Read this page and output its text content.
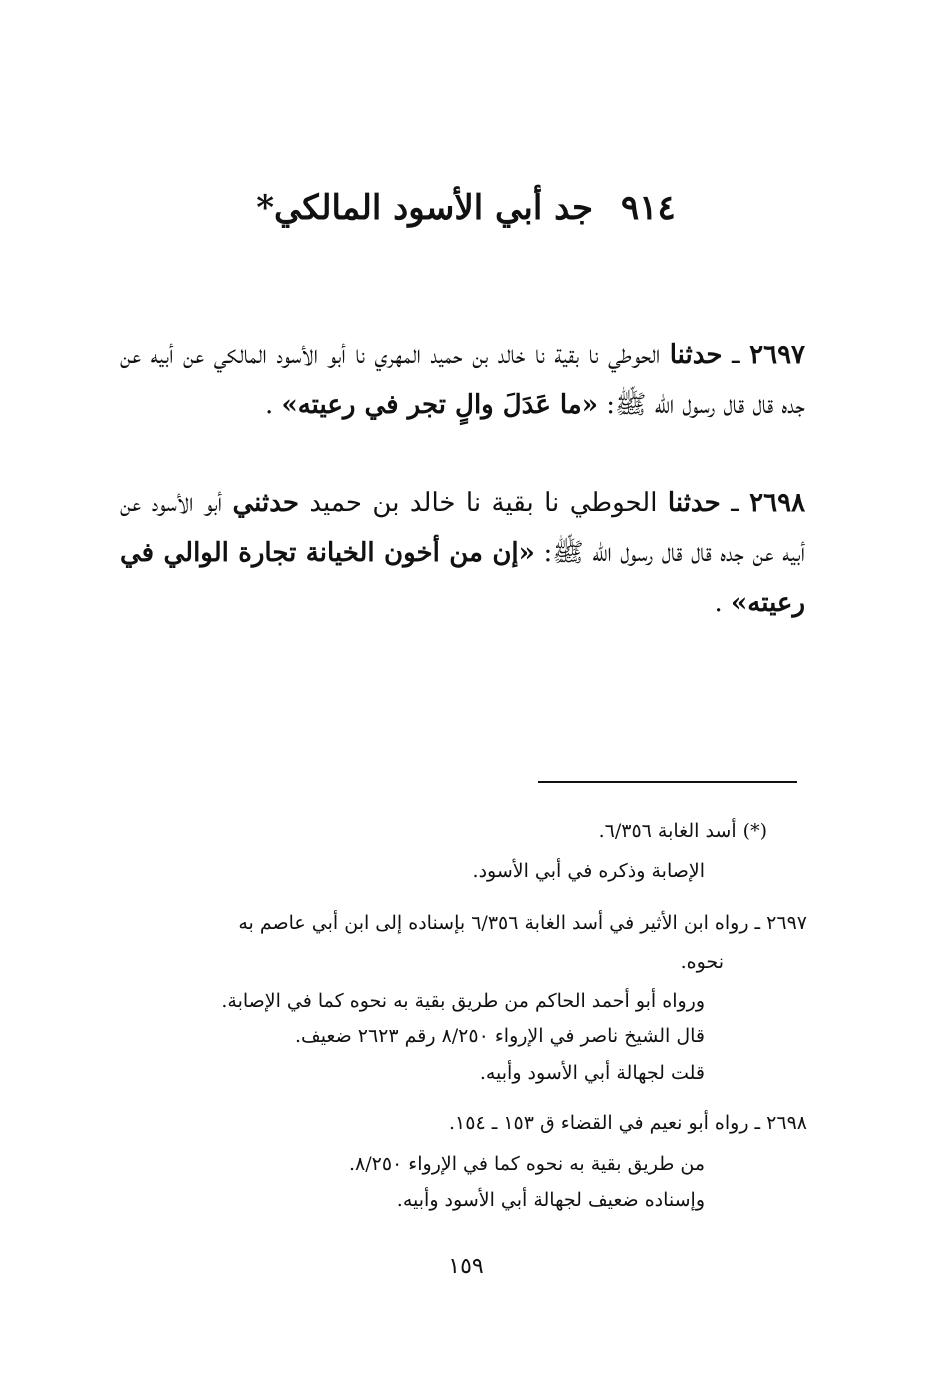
٩١٤جد أبي الأسود المالكي*
٢٦٩٧ ـ حدثنا الحوطي نا بقية نا خالد بن حميد المهري نا أبو الأسود المالكي عن أبيه عن جده قال قال رسول الله ﷺ: «ما عَدَلَ والٍ تجر في رعيته» .
٢٦٩٨ ـ حدثنا الحوطي نا بقية نا خالد بن حميد حدثني أبو الأسود عن أبيه عن جده قال قال رسول الله ﷺ: «إن من أخون الخيانة تجارة الوالي في رعيته» .
(*) أسد الغابة ٦/٣٥٦.
الإصابة وذكره في أبي الأسود.
٢٦٩٧ ـ رواه ابن الأثير في أسد الغابة ٦/٣٥٦ بإسناده إلى ابن أبي عاصم به
نحوه.
ورواه أبو أحمد الحاكم من طريق بقية به نحوه كما في الإصابة.
قال الشيخ ناصر في الإرواء ٨/٢٥٠ رقم ٢٦٢٣ ضعيف.
قلت لجهالة أبي الأسود وأبيه.
٢٦٩٨ ـ رواه أبو نعيم في القضاء ق ١٥٣ ـ ١٥٤.
من طريق بقية به نحوه كما في الإرواء ٨/٢٥٠.
وإسناده ضعيف لجهالة أبي الأسود وأبيه.
١٥٩
